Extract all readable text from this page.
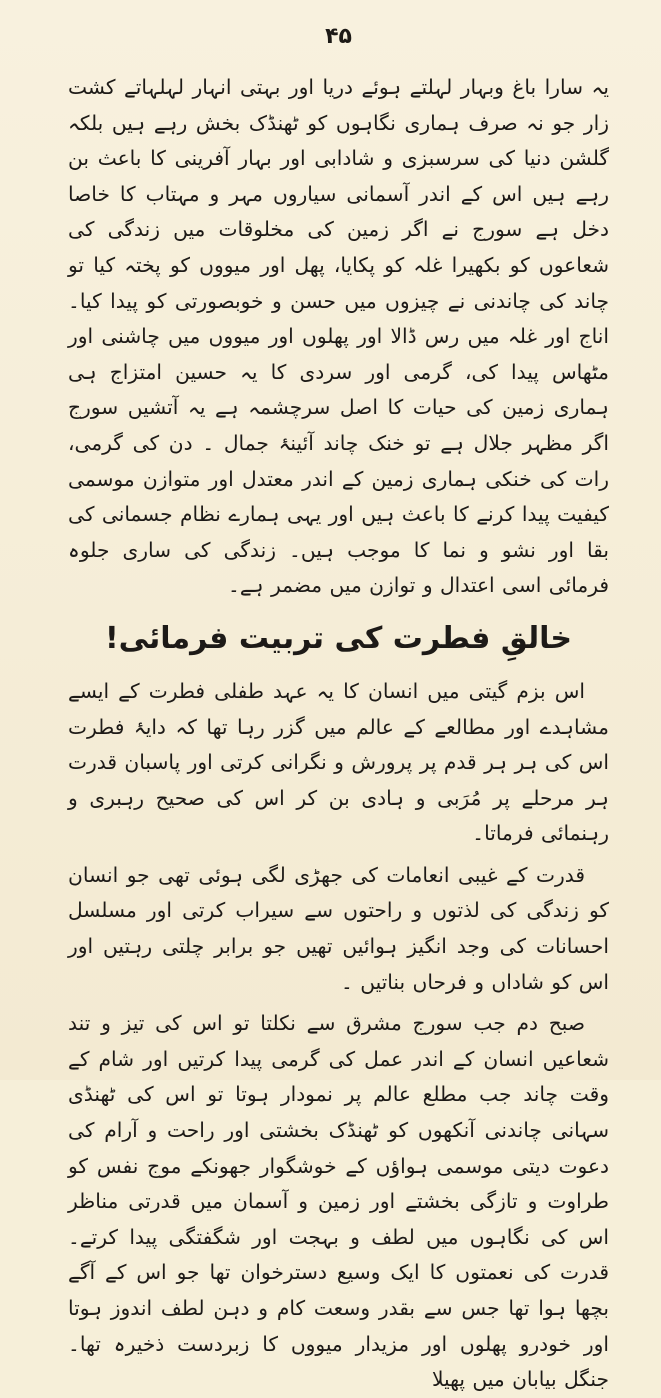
۴۵

یہ سارا باغ وبہار لہلتے ہوئے دریا اور بہتی انہار لہلہاتے کشت زار جو نہ صرف ہماری نگاہوں کو ٹھنڈک بخش رہے ہیں بلکہ گلشن دنیا کی سرسبزی و شادابی اور بہار آفرینی کا باعث بن رہے ہیں اس کے اندر آسمانی سیاروں مہر و مہتاب کا خاصا دخل ہے سورج نے اگر زمین کی مخلوقات میں زندگی کی شعاعوں کو بکھیرا غلہ کو پکایا، پھل اور میووں کو پختہ کیا تو چاند کی چاندنی نے چیزوں میں حسن و خوبصورتی کو پیدا کیا۔ اناج اور غلہ میں رس ڈالا اور پھلوں اور میووں میں چاشنی اور مٹھاس پیدا کی، گرمی اور سردی کا یہ حسین امتزاج ہی ہماری زمین کی حیات کا اصل سرچشمہ ہے یہ آتشیں سورج اگر مظہر جلال ہے تو خنک چاند آئینۂ جمال ۔ دن کی گرمی، رات کی خنکی ہماری زمین کے اندر معتدل اور متوازن موسمی کیفیت پیدا کرنے کا باعث ہیں اور یہی ہمارے نظام جسمانی کی بقا اور نشو و نما کا موجب ہیں۔ زندگی کی ساری جلوہ فرمائی اسی اعتدال و توازن میں مضمر ہے۔

خالقِ فطرت کی تربیت فرمائی!

اس بزم گیتی میں انسان کا یہ عہد طفلی فطرت کے ایسے مشاہدے اور مطالعے کے عالم میں گزر رہا تھا کہ دایۂ فطرت اس کی ہر ہر قدم پر پرورش و نگرانی کرتی اور پاسبان قدرت ہر مرحلے پر مُرَبی و ہادی بن کر اس کی صحیح رہبری و رہنمائی فرماتا۔

قدرت کے غیبی انعامات کی جھڑی لگی ہوئی تھی جو انسان کو زندگی کی لذتوں و راحتوں سے سیراب کرتی اور مسلسل احسانات کی وجد انگیز ہوائیں تھیں جو برابر چلتی رہتیں اور اس کو شاداں و فرحاں بناتیں ۔

صبح دم جب سورج مشرق سے نکلتا تو اس کی تیز و تند شعاعیں انسان کے اندر عمل کی گرمی پیدا کرتیں اور شام کے وقت چاند جب مطلع عالم پر نمودار ہوتا تو اس کی ٹھنڈی سہانی چاندنی آنکھوں کو ٹھنڈک بخشتی اور راحت و آرام کی دعوت دیتی موسمی ہواؤں کے خوشگوار جھونکے موج نفس کو طراوت و تازگی بخشتے اور زمین و آسمان میں قدرتی مناظر اس کی نگاہوں میں لطف و بہجت اور شگفتگی پیدا کرتے۔ قدرت کی نعمتوں کا ایک وسیع دسترخوان تھا جو اس کے آگے بچھا ہوا تھا جس سے بقدر وسعت کام و دہن لطف اندوز ہوتا اور خودرو پھلوں اور مزیدار میووں کا زبردست ذخیرہ تھا۔ جنگل بیابان میں پھیلا
